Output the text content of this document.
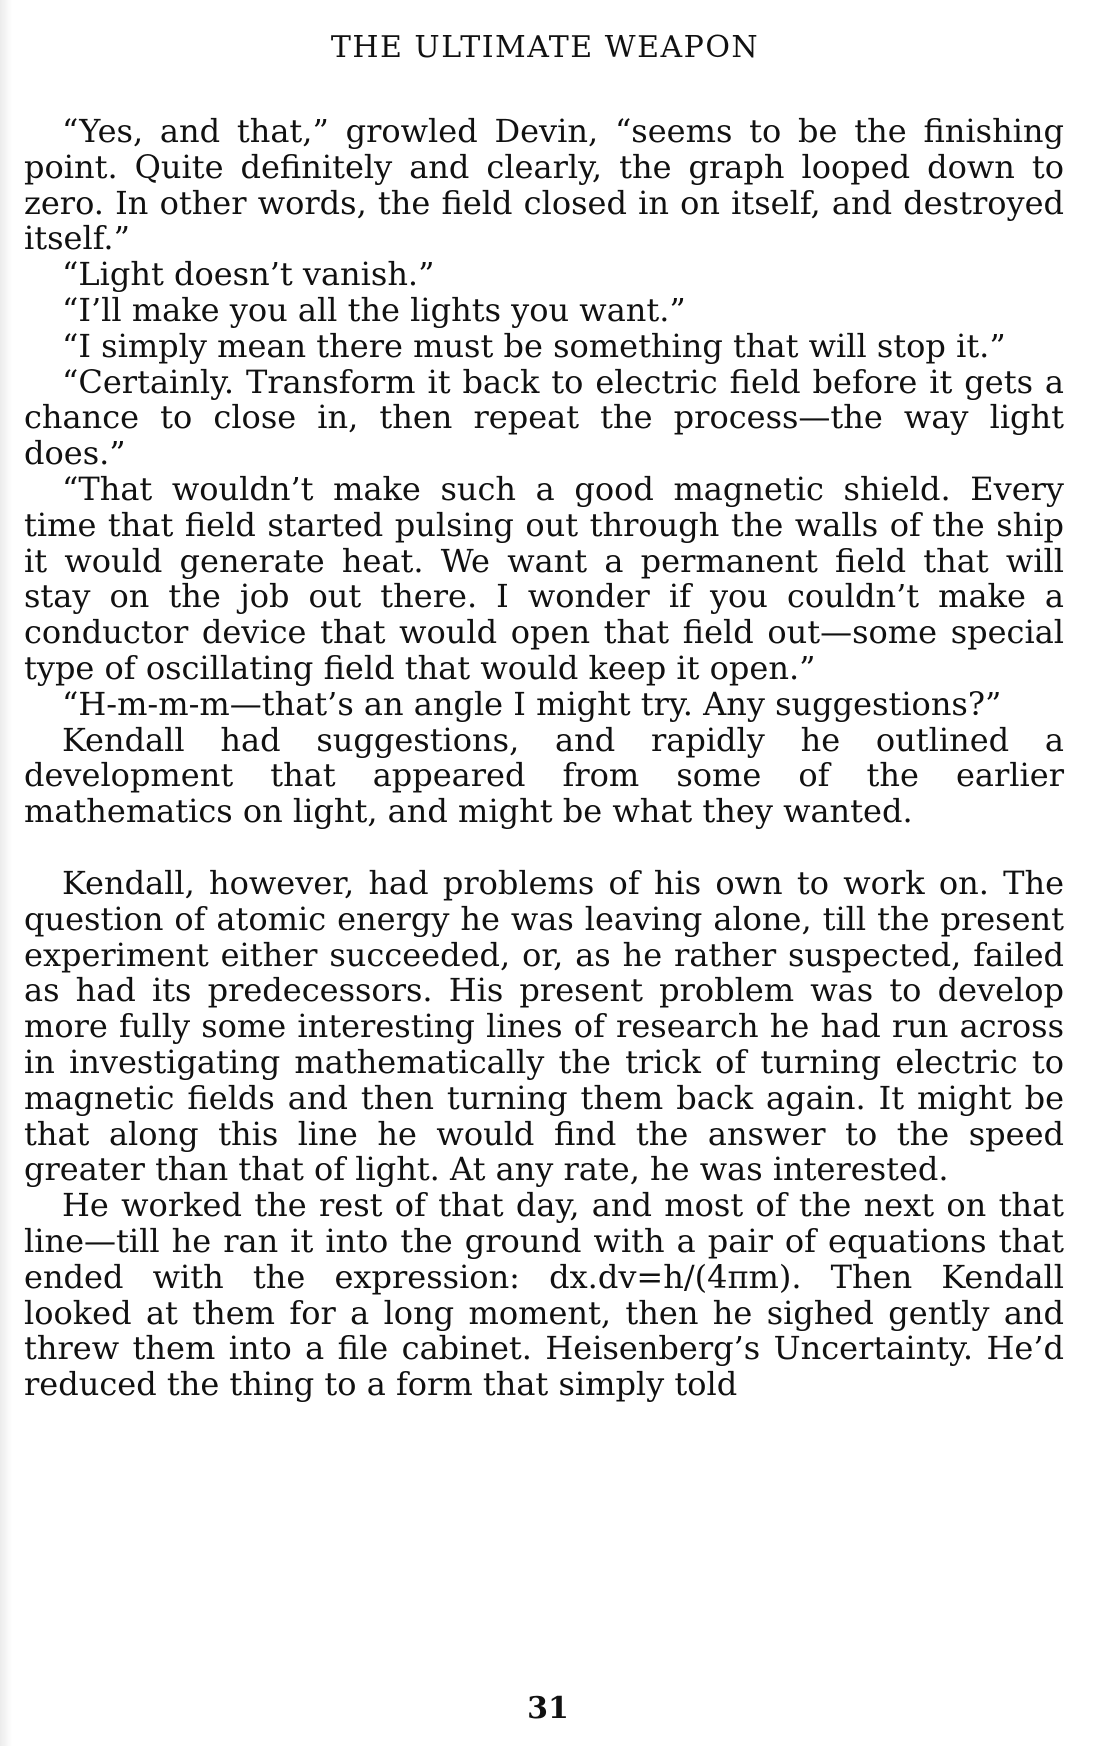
THE ULTIMATE WEAPON

“Yes, and that,” growled Devin, “seems to be the finishing point. Quite definitely and clearly, the graph looped down to zero. In other words, the field closed in on itself, and destroyed itself.”

“Light doesn’t vanish.”

“I’ll make you all the lights you want.”

“I simply mean there must be something that will stop it.”

“Certainly. Transform it back to electric field before it gets a chance to close in, then repeat the process—the way light does.”

“That wouldn’t make such a good magnetic shield. Every time that field started pulsing out through the walls of the ship it would generate heat. We want a permanent field that will stay on the job out there. I wonder if you couldn’t make a conductor device that would open that field out—some special type of oscillating field that would keep it open.”

“H-m-m-m—that’s an angle I might try. Any suggestions?”

Kendall had suggestions, and rapidly he outlined a development that appeared from some of the earlier mathematics on light, and might be what they wanted.

Kendall, however, had problems of his own to work on. The question of atomic energy he was leaving alone, till the present experiment either succeeded, or, as he rather suspected, failed as had its predecessors. His present problem was to develop more fully some interesting lines of research he had run across in investigating mathematically the trick of turning electric to magnetic fields and then turning them back again. It might be that along this line he would find the answer to the speed greater than that of light. At any rate, he was interested.

He worked the rest of that day, and most of the next on that line—till he ran it into the ground with a pair of equations that ended with the expression: dx.dv=h/(4πm). Then Kendall looked at them for a long moment, then he sighed gently and threw them into a file cabinet. Heisenberg’s Uncertainty. He’d reduced the thing to a form that simply told

31
